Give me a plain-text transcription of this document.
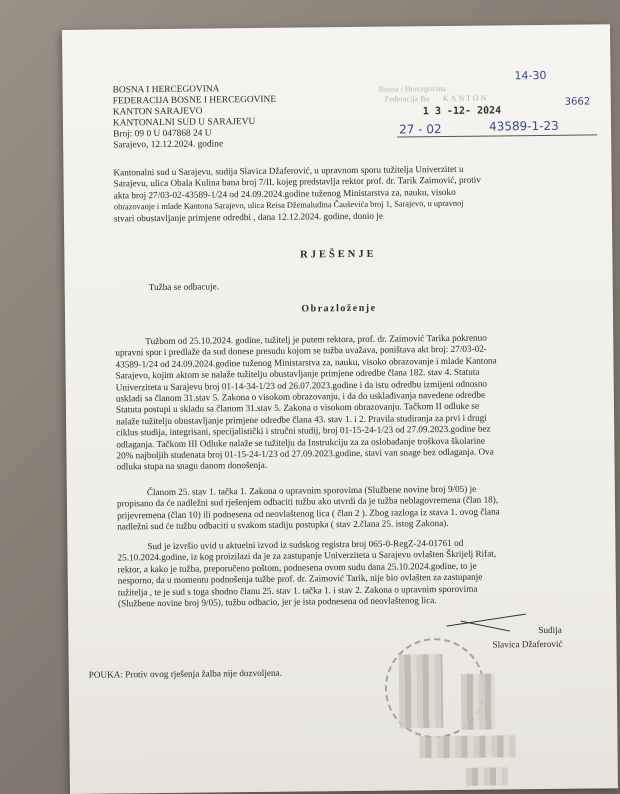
BOSNA I HERCEGOVINA
FEDERACIJA BOSNE I HERCEGOVINE
KANTON SARAJEVO
KANTONALNI SUD U SARAJEVU
Broj: 09 0 U 047868 24 U
Sarajevo, 12.12.2024. godine
Bosna i Hercegovina
Federacija Bo KANTON
1 3 -12- 2024
27 - 02	43589-1-23
14-30
3662
Kantonalni sud u Sarajevu, sudija Slavica Džaferović, u upravnom sporu tužitelja Univerzitet u
Sarajevu, ulica Obala Kulina bana broj 7/II, kojeg predstavlja rektor prof. dr. Tarik Zaimović, protiv
akta broj 27/03-02-43589-1/24 od 24.09.2024.godine tuženog Ministarstva za, nauku, visoko
obrazovanje i mlade Kantona Sarajevo, ulica Reisa Džemaludina Čauševića broj 1, Sarajevo, u upravnoj
stvari obustavljanje primjene odredbi , dana 12.12.2024. godine, donio je
RJEŠENJE
Tužba se odbacuje.
Obrazloženje
Tužbom od 25.10.2024. godine, tužitelj je putem rektora, prof. dr. Zaimović Tarika pokrenuo
upravni spor i predlaže da sud donese presudu kojom se tužba uvažava, poništava akt broj: 27/03-02-
43589-1/24 od 24.09.2024.godine tuženog Ministarstva za, nauku, visoko obrazovanje i mlade Kantona
Sarajevo, kojim aktom se nalaže tužitelju obustavljanje primjene odredbe člana 182. stav 4. Statuta
Univerziteta u Sarajevu broj 01-14-34-1/23 od 26.07.2023.godine i da istu odredbu izmijeni odnosno
uskladi sa članom 31.stav 5. Zakona o visokom obrazovanju, i da do usklađivanja navedene odredbe
Statuta postupi u skladu sa članom 31.stav 5. Zakona o visokom obrazovanju. Tačkom II odluke se
nalaže tužitelju obustavljanje primjene odredbe člana 43. stav 1. i 2. Pravila studiranja za prvi i drugi
ciklus studija, integrisani, specijalistički i stručni studij, broj 01-15-24-1/23 od 27.09.2023.godine bez
odlaganja. Tačkom III Odluke nalaže se tužitelju da Instrukciju za za oslobađanje troškova školarine
20% najboljih studenata broj 01-15-24-1/23 od 27.09.2023.godine, stavi van snage bez odlaganja. Ova
odluka stupa na snagu danom donošenja.
Članom 25. stav 1. tačka 1. Zakona o upravnim sporovima (Službene novine broj 9/05) je
propisano da će nadležni sud rješenjem odbaciti tužbu ako utvrdi da je tužba neblagovremena (član 18),
prijevremena (član 10) ili podnesena od neovlaštenog lica ( član 2 ). Zbog razloga iz stava 1. ovog člana
nadležni sud će tužbu odbaciti u svakom stadiju postupka ( stav 2.člana 25. istog Zakona).
Sud je izvršio uvid u aktuelni izvod iz sudskog registra broj 065-0-RegZ-24-01761 od
25.10.2024.godine, iz kog proizilazi da je za zastupanje Univerziteta u Sarajevu ovlašten Škrijelj Rifat,
rektor, a kako je tužba, preporučeno poštom, podnesena ovom sudu dana 25.10.2024.godine, to je
nesporno, da u momentu podnošenja tužbe prof. dr. Zaimović Tarik, nije bio ovlašten za zastupanje
tužitelja , te je sud s toga shodno članu 25. stav 1. tačka 1. i stav 2. Zakona o upravnim sporovima
(Službene novine broj 9/05), tužbu odbacio, jer je ista podnesena od neovlaštenog lica.
Sudija
Slavica Džaferović
POUKA: Protiv ovog rješenja žalba nije dozvoljena.
